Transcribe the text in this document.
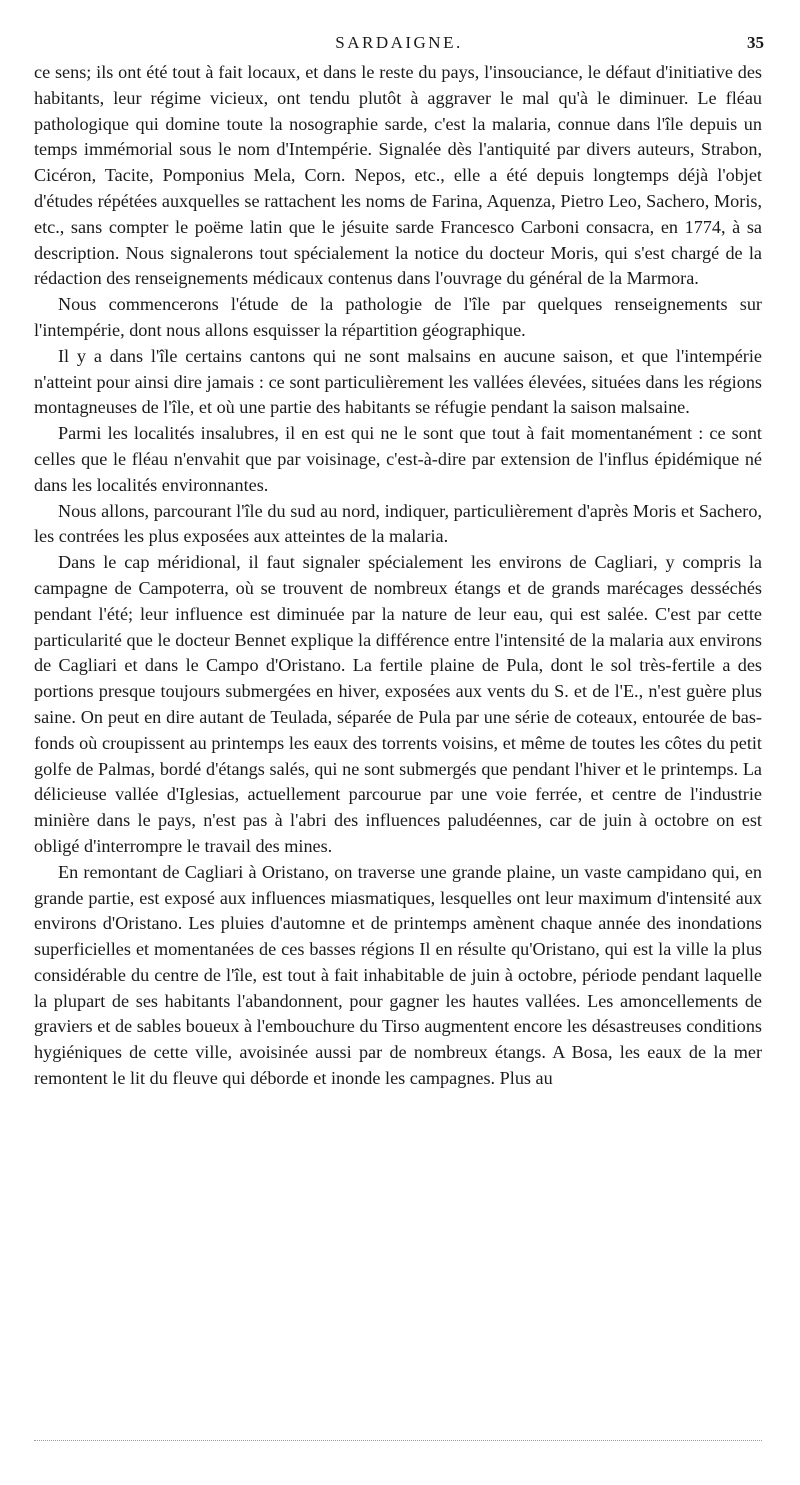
SARDAIGNE.	35

ce sens; ils ont été tout à fait locaux, et dans le reste du pays, l'insouciance, le défaut d'initiative des habitants, leur régime vicieux, ont tendu plutôt à aggraver le mal qu'à le diminuer. Le fléau pathologique qui domine toute la nosographie sarde, c'est la malaria, connue dans l'île depuis un temps immémorial sous le nom d'Intempérie. Signalée dès l'antiquité par divers auteurs, Strabon, Cicéron, Tacite, Pomponius Mela, Corn. Nepos, etc., elle a été depuis longtemps déjà l'objet d'études répétées auxquelles se rattachent les noms de Farina, Aquenza, Pietro Leo, Sachero, Moris, etc., sans compter le poëme latin que le jésuite sarde Francesco Carboni consacra, en 1774, à sa description. Nous signalerons tout spécialement la notice du docteur Moris, qui s'est chargé de la rédaction des renseignements médicaux contenus dans l'ouvrage du général de la Marmora.

Nous commencerons l'étude de la pathologie de l'île par quelques renseignements sur l'intempérie, dont nous allons esquisser la répartition géographique.

Il y a dans l'île certains cantons qui ne sont malsains en aucune saison, et que l'intempérie n'atteint pour ainsi dire jamais : ce sont particulièrement les vallées élevées, situées dans les régions montagneuses de l'île, et où une partie des habitants se réfugie pendant la saison malsaine.

Parmi les localités insalubres, il en est qui ne le sont que tout à fait momentanément : ce sont celles que le fléau n'envahit que par voisinage, c'est-à-dire par extension de l'influs épidémique né dans les localités environnantes.

Nous allons, parcourant l'île du sud au nord, indiquer, particulièrement d'après Moris et Sachero, les contrées les plus exposées aux atteintes de la malaria.

Dans le cap méridional, il faut signaler spécialement les environs de Cagliari, y compris la campagne de Campoterra, où se trouvent de nombreux étangs et de grands marécages desséchés pendant l'été; leur influence est diminuée par la nature de leur eau, qui est salée. C'est par cette particularité que le docteur Bennet explique la différence entre l'intensité de la malaria aux environs de Cagliari et dans le Campo d'Oristano. La fertile plaine de Pula, dont le sol très-fertile a des portions presque toujours submergées en hiver, exposées aux vents du S. et de l'E., n'est guère plus saine. On peut en dire autant de Teulada, séparée de Pula par une série de coteaux, entourée de bas-fonds où croupissent au printemps les eaux des torrents voisins, et même de toutes les côtes du petit golfe de Palmas, bordé d'étangs salés, qui ne sont submergés que pendant l'hiver et le printemps. La délicieuse vallée d'Iglesias, actuellement parcourue par une voie ferrée, et centre de l'industrie minière dans le pays, n'est pas à l'abri des influences paludéennes, car de juin à octobre on est obligé d'interrompre le travail des mines.

En remontant de Cagliari à Oristano, on traverse une grande plaine, un vaste campidano qui, en grande partie, est exposé aux influences miasmatiques, lesquelles ont leur maximum d'intensité aux environs d'Oristano. Les pluies d'automne et de printemps amènent chaque année des inondations superficielles et momentanées de ces basses régions Il en résulte qu'Oristano, qui est la ville la plus considérable du centre de l'île, est tout à fait inhabitable de juin à octobre, période pendant laquelle la plupart de ses habitants l'abandonnent, pour gagner les hautes vallées. Les amoncellements de graviers et de sables boueux à l'embouchure du Tirso augmentent encore les désastreuses conditions hygiéniques de cette ville, avoisinée aussi par de nombreux étangs. A Bosa, les eaux de la mer remontent le lit du fleuve qui déborde et inonde les campagnes. Plus au
